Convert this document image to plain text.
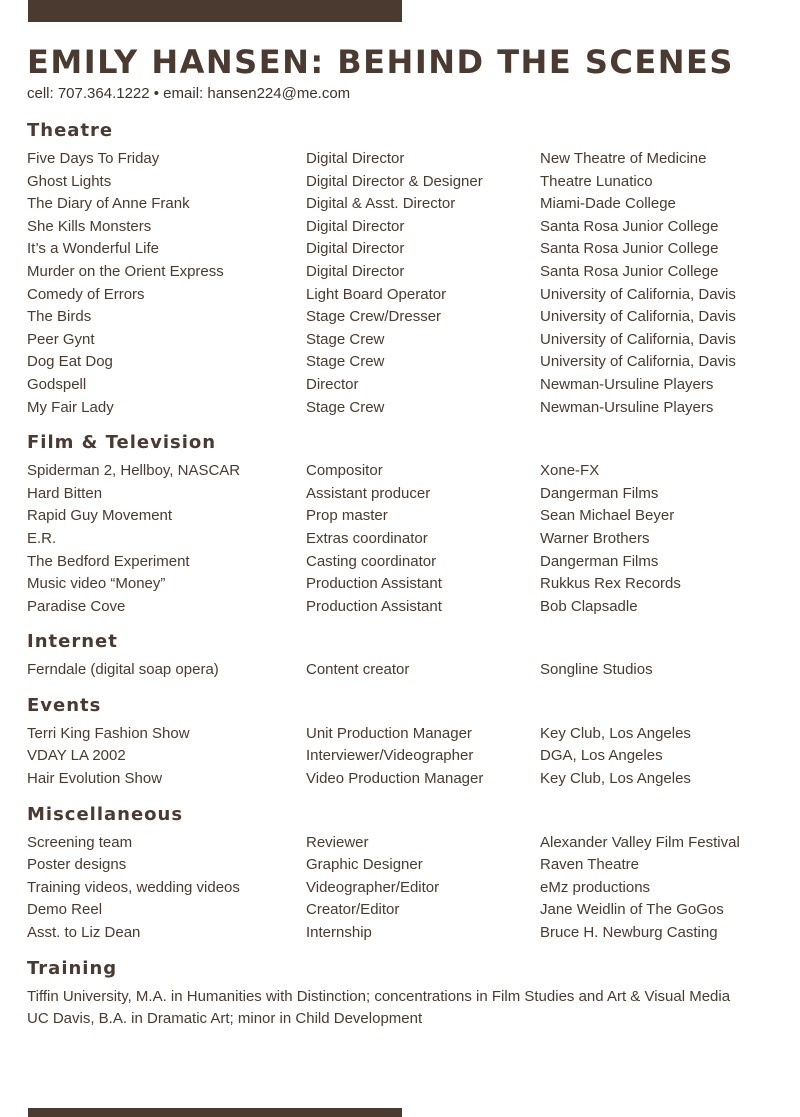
EMILY HANSEN: BEHIND THE SCENES
cell: 707.364.1222 • email: hansen224@me.com
Theatre
Five Days To Friday	Digital Director	New Theatre of Medicine
Ghost Lights	Digital Director & Designer	Theatre Lunatico
The Diary of Anne Frank	Digital & Asst. Director	Miami-Dade College
She Kills Monsters	Digital Director	Santa Rosa Junior College
It’s a Wonderful Life	Digital Director	Santa Rosa Junior College
Murder on the Orient Express	Digital Director	Santa Rosa Junior College
Comedy of Errors	Light Board Operator	University of California, Davis
The Birds	Stage Crew/Dresser	University of California, Davis
Peer Gynt	Stage Crew	University of California, Davis
Dog Eat Dog	Stage Crew	University of California, Davis
Godspell	Director	Newman-Ursuline Players
My Fair Lady	Stage Crew	Newman-Ursuline Players
Film & Television
Spiderman 2, Hellboy, NASCAR	Compositor	Xone-FX
Hard Bitten	Assistant producer	Dangerman Films
Rapid Guy Movement	Prop master	Sean Michael Beyer
E.R.	Extras coordinator	Warner Brothers
The Bedford Experiment	Casting coordinator	Dangerman Films
Music video “Money”	Production Assistant	Rukkus Rex Records
Paradise Cove	Production Assistant	Bob Clapsadle
Internet
Ferndale (digital soap opera)	Content creator	Songline Studios
Events
Terri King Fashion Show	Unit Production Manager	Key Club, Los Angeles
VDAY LA 2002	Interviewer/Videographer	DGA, Los Angeles
Hair Evolution Show	Video Production Manager	Key Club, Los Angeles
Miscellaneous
Screening team	Reviewer	Alexander Valley Film Festival
Poster designs	Graphic Designer	Raven Theatre
Training videos, wedding videos	Videographer/Editor	eMz productions
Demo Reel	Creator/Editor	Jane Weidlin of The GoGos
Asst. to Liz Dean	Internship	Bruce H. Newburg Casting
Training
Tiffin University, M.A. in Humanities with Distinction; concentrations in Film Studies and Art & Visual Media
UC Davis, B.A. in Dramatic Art; minor in Child Development
